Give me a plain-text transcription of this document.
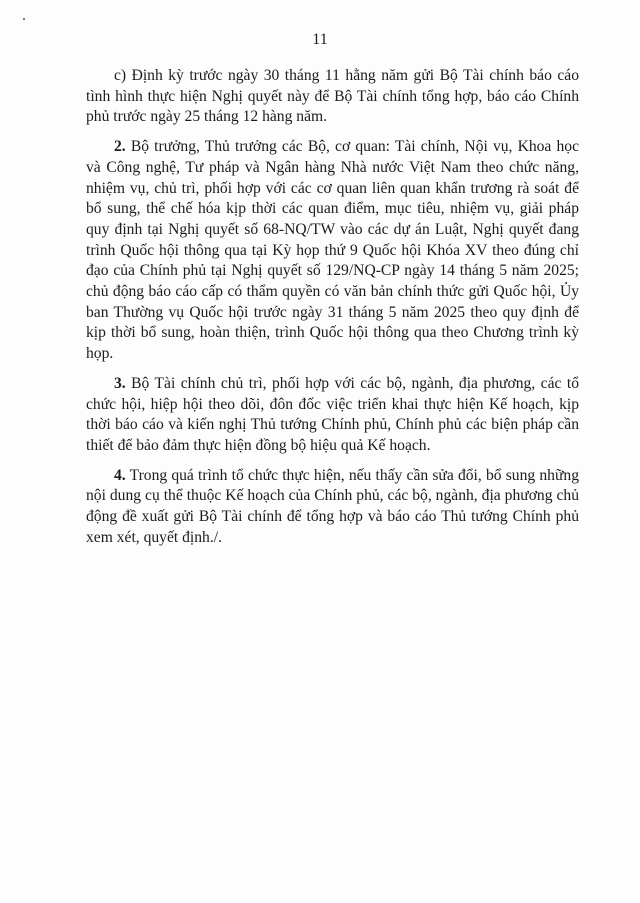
11

c) Định kỳ trước ngày 30 tháng 11 hằng năm gửi Bộ Tài chính báo cáo tình hình thực hiện Nghị quyết này để Bộ Tài chính tổng hợp, báo cáo Chính phủ trước ngày 25 tháng 12 hàng năm.

2. Bộ trưởng, Thủ trưởng các Bộ, cơ quan: Tài chính, Nội vụ, Khoa học và Công nghệ, Tư pháp và Ngân hàng Nhà nước Việt Nam theo chức năng, nhiệm vụ, chủ trì, phối hợp với các cơ quan liên quan khẩn trương rà soát để bổ sung, thể chế hóa kịp thời các quan điểm, mục tiêu, nhiệm vụ, giải pháp quy định tại Nghị quyết số 68-NQ/TW vào các dự án Luật, Nghị quyết đang trình Quốc hội thông qua tại Kỳ họp thứ 9 Quốc hội Khóa XV theo đúng chỉ đạo của Chính phủ tại Nghị quyết số 129/NQ-CP ngày 14 tháng 5 năm 2025; chủ động báo cáo cấp có thẩm quyền có văn bản chính thức gửi Quốc hội, Ủy ban Thường vụ Quốc hội trước ngày 31 tháng 5 năm 2025 theo quy định để kịp thời bổ sung, hoàn thiện, trình Quốc hội thông qua theo Chương trình kỳ họp.

3. Bộ Tài chính chủ trì, phối hợp với các bộ, ngành, địa phương, các tổ chức hội, hiệp hội theo dõi, đôn đốc việc triển khai thực hiện Kế hoạch, kịp thời báo cáo và kiến nghị Thủ tướng Chính phủ, Chính phủ các biện pháp cần thiết để bảo đảm thực hiện đồng bộ hiệu quả Kế hoạch.

4. Trong quá trình tổ chức thực hiện, nếu thấy cần sửa đổi, bổ sung những nội dung cụ thể thuộc Kế hoạch của Chính phủ, các bộ, ngành, địa phương chủ động đề xuất gửi Bộ Tài chính để tổng hợp và báo cáo Thủ tướng Chính phủ xem xét, quyết định./.
